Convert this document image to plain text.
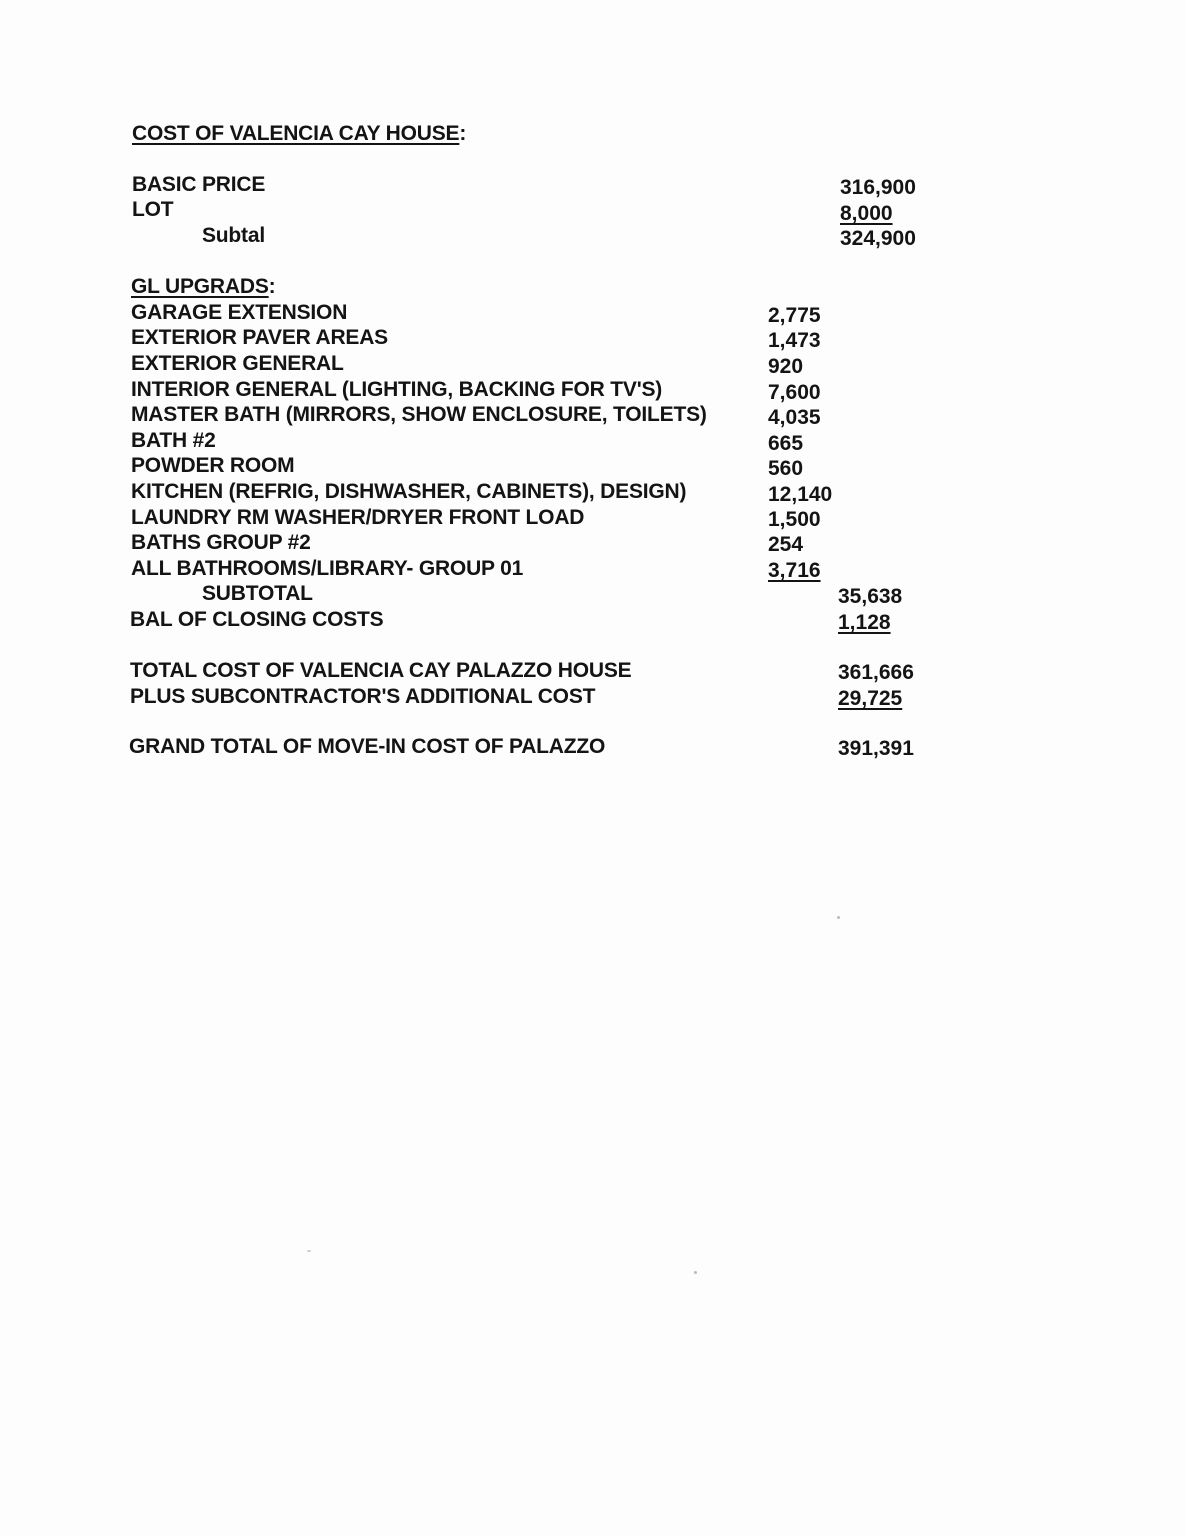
COST OF VALENCIA CAY HOUSE:
BASIC PRICE	316,900
LOT	8,000
Subtal	324,900
GL UPGRADS:
GARAGE EXTENSION	2,775
EXTERIOR PAVER AREAS	1,473
EXTERIOR GENERAL	920
INTERIOR GENERAL (LIGHTING, BACKING FOR TV'S)	7,600
MASTER BATH (MIRRORS, SHOW ENCLOSURE, TOILETS)	4,035
BATH #2	665
POWDER ROOM	560
KITCHEN (REFRIG, DISHWASHER, CABINETS), DESIGN)	12,140
LAUNDRY RM WASHER/DRYER FRONT LOAD	1,500
BATHS GROUP #2	254
ALL BATHROOMS/LIBRARY- GROUP 01	3,716
SUBTOTAL	35,638
BAL OF CLOSING COSTS	1,128
TOTAL COST OF VALENCIA CAY PALAZZO HOUSE	361,666
PLUS SUBCONTRACTOR'S ADDITIONAL COST	29,725
GRAND TOTAL OF MOVE-IN COST OF PALAZZO	391,391
